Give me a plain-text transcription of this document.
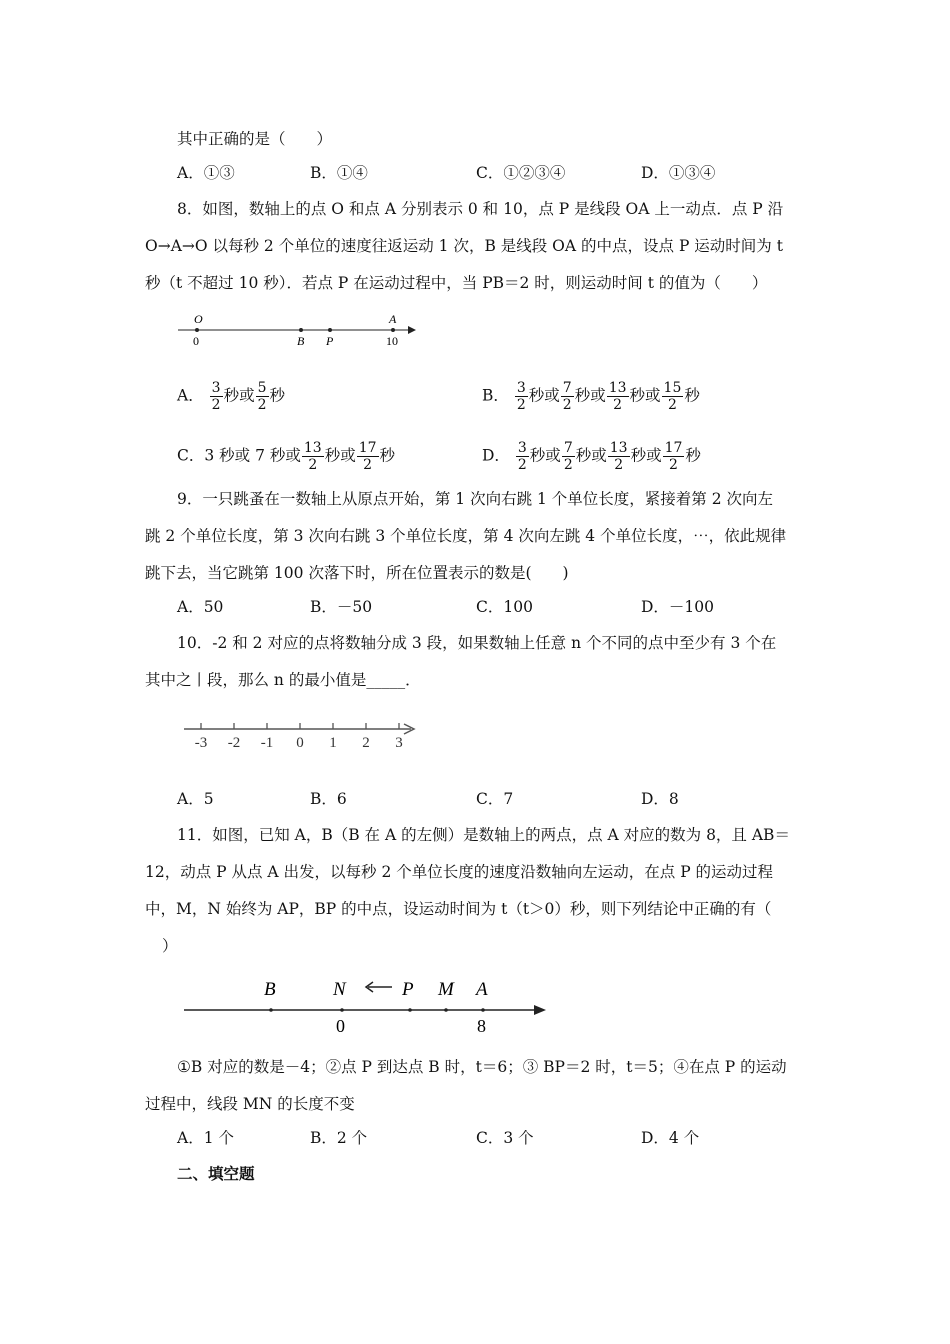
其中正确的是（　　）
A．①③	B．①④	C．①②③④	D．①③④
8．如图，数轴上的点 O 和点 A 分别表示 0 和 10，点 P 是线段 OA 上一动点．点 P 沿
O→A→O 以每秒 2 个单位的速度往返运动 1 次，B 是线段 OA 的中点，设点 P 运动时间为 t
秒（t 不超过 10 秒）．若点 P 在运动过程中，当 PB＝2 时，则运动时间 t 的值为（　　）
O	A
0	B P	10
A． $\frac{3}{2}$ 秒或 $\frac{5}{2}$ 秒	B． $\frac{3}{2}$ 秒或 $\frac{7}{2}$ 秒或 $\frac{13}{2}$ 秒或 $\frac{15}{2}$ 秒
C．3 秒或 7 秒或 $\frac{13}{2}$ 秒或 $\frac{17}{2}$ 秒	D． $\frac{3}{2}$ 秒或 $\frac{7}{2}$ 秒或 $\frac{13}{2}$ 秒或 $\frac{17}{2}$ 秒
9．一只跳蚤在一数轴上从原点开始，第 1 次向右跳 1 个单位长度，紧接着第 2 次向左
跳 2 个单位长度，第 3 次向右跳 3 个单位长度，第 4 次向左跳 4 个单位长度，⋯，依此规律
跳下去，当它跳第 100 次落下时，所在位置表示的数是(　　)
A．50	B．－50	C．100	D．－100
10．-2 和 2 对应的点将数轴分成 3 段，如果数轴上任意 n 个不同的点中至少有 3 个在
其中之丨段，那么 n 的最小值是_____．
-3 -2 -1 0 1 2 3
A．5	B．6	C．7	D．8
11．如图，已知 A，B（B 在 A 的左侧）是数轴上的两点，点 A 对应的数为 8，且 AB＝
12，动点 P 从点 A 出发，以每秒 2 个单位长度的速度沿数轴向左运动，在点 P 的运动过程
中，M，N 始终为 AP，BP 的中点，设运动时间为 t（t＞0）秒，则下列结论中正确的有（
）
B	N	P M A
0	8
①B 对应的数是－4；②点 P 到达点 B 时，t＝6；③ BP＝2 时，t＝5；④在点 P 的运动
过程中，线段 MN 的长度不变
A．1 个	B．2 个	C．3 个	D．4 个
二、填空题
